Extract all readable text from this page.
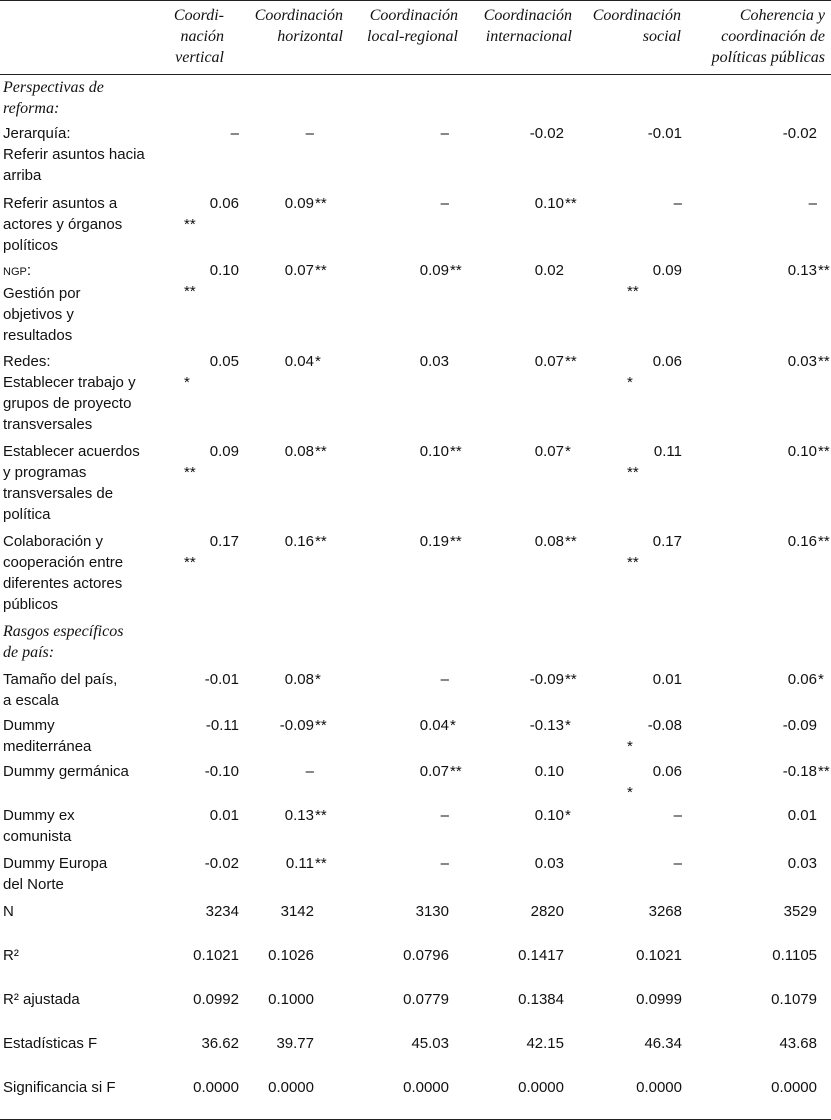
	Coordi-
nación
vertical	Coordinación
horizontal	Coordinación
local-regional	Coordinación
internacional	Coordinación
social	Coherencia y
coordinación de
políticas públicas
Perspectivas de
reforma:						
Jerarquía:
Referir asuntos hacia
arriba	–	–	–	-0.02	-0.01	-0.02
Referir asuntos a
actores y órganos
políticos	0.06**	0.09**	–	0.10**	–	–
NGP:
Gestión por
objetivos y
resultados	0.10**	0.07**	0.09**	0.02	0.09**	0.13**
Redes:
Establecer trabajo y
grupos de proyecto
transversales	0.05*	0.04*	0.03	0.07**	0.06*	0.03**
Establecer acuerdos
y programas
transversales de
política	0.09**	0.08**	0.10**	0.07*	0.11**	0.10**
Colaboración y
cooperación entre
diferentes actores
públicos	0.17**	0.16**	0.19**	0.08**	0.17**	0.16**
Rasgos específicos
de país:						
Tamaño del país,
a escala	-0.01	0.08*	–	-0.09**	0.01	0.06*
Dummy
mediterránea	-0.11	-0.09**	0.04*	-0.13*	-0.08*	-0.09
Dummy germánica	-0.10	–	0.07**	0.10	0.06*	-0.18**
Dummy ex
comunista	0.01	0.13**	–	0.10*	–	0.01
Dummy Europa
del Norte	-0.02	0.11**	–	0.03	–	0.03
N	3234	3142	3130	2820	3268	3529
R²	0.1021	0.1026	0.0796	0.1417	0.1021	0.1105
R² ajustada	0.0992	0.1000	0.0779	0.1384	0.0999	0.1079
Estadísticas F	36.62	39.77	45.03	42.15	46.34	43.68
Significancia si F	0.0000	0.0000	0.0000	0.0000	0.0000	0.0000
